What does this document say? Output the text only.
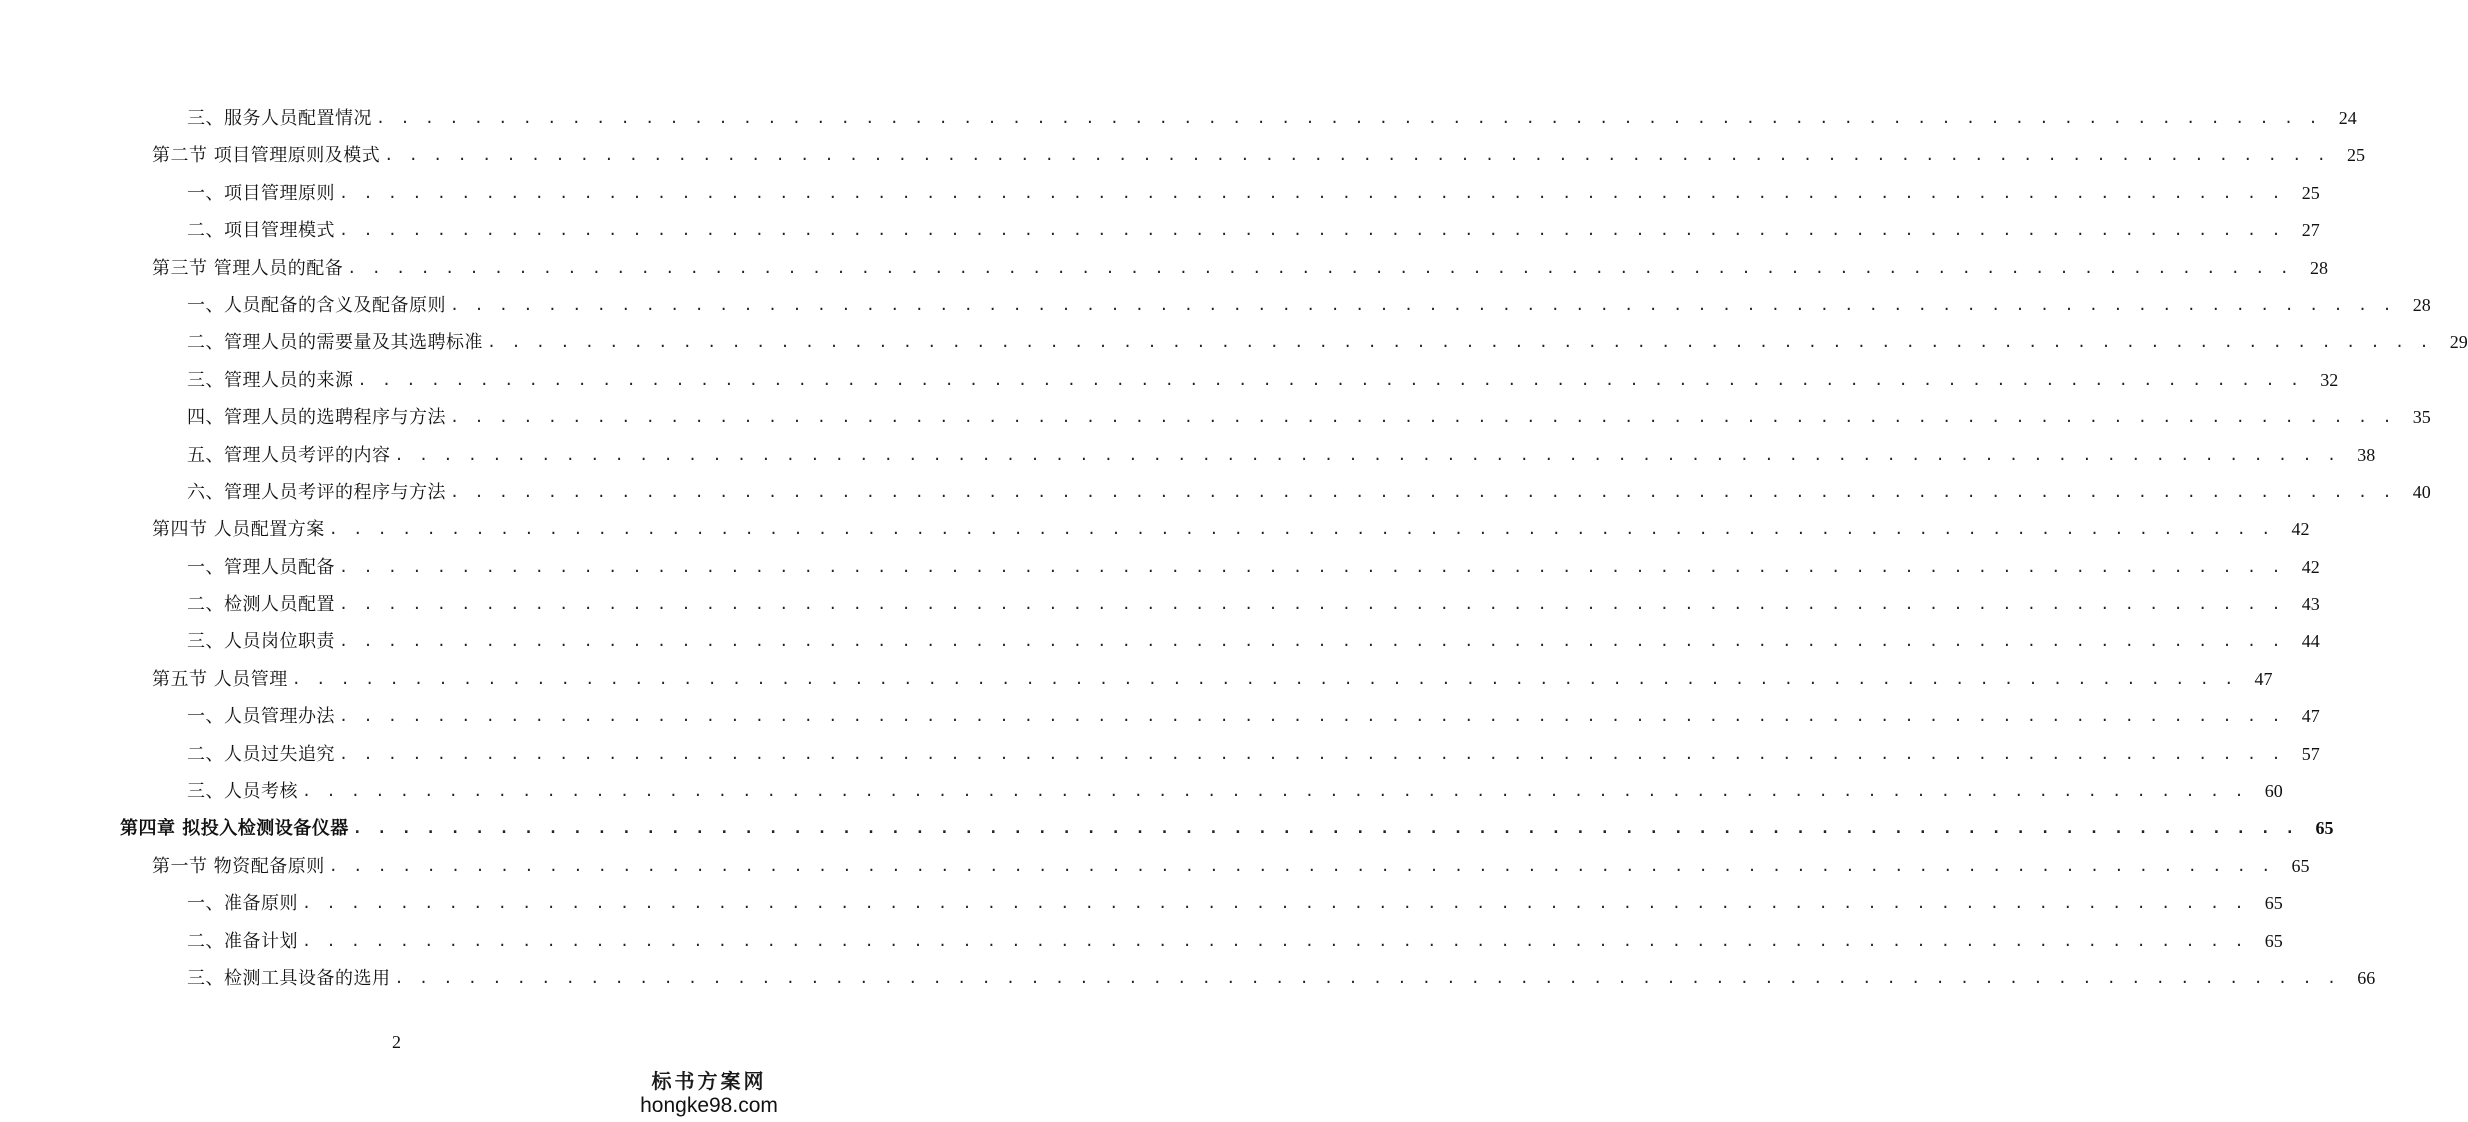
三、服务人员配置情况 . . . . . . . . . . . . . . . . . . . . . . . . . . . . . . . . . . . . . . . . . . . . . . . . . . . . . . . . . . . . . . . . . . . . . . . . . . . . . . . .	24
第二节 项目管理原则及模式 . . . . . . . . . . . . . . . . . . . . . . . . . . . . . . . . . . . . . . . . . . . . . . . . . . . . . . . . . . . . . . . . . . . . . . . . . . . . . . . .	25
一、项目管理原则 . . . . . . . . . . . . . . . . . . . . . . . . . . . . . . . . . . . . . . . . . . . . . . . . . . . . . . . . . . . . . . . . . . . . . . . . . . . . . . . .	25
二、项目管理模式 . . . . . . . . . . . . . . . . . . . . . . . . . . . . . . . . . . . . . . . . . . . . . . . . . . . . . . . . . . . . . . . . . . . . . . . . . . . . . . . .	27
第三节 管理人员的配备 . . . . . . . . . . . . . . . . . . . . . . . . . . . . . . . . . . . . . . . . . . . . . . . . . . . . . . . . . . . . . . . . . . . . . . . . . . . . . . . .	28
一、人员配备的含义及配备原则 . . . . . . . . . . . . . . . . . . . . . . . . . . . . . . . . . . . . . . . . . . . . . . . . . . . . . . . . . . . . . . . . . . . . . . . . . . . . . . . .	28
二、管理人员的需要量及其选聘标准 . . . . . . . . . . . . . . . . . . . . . . . . . . . . . . . . . . . . . . . . . . . . . . . . . . . . . . . . . . . . . . . . . . . . . . . . . . . . . . . .	29
三、管理人员的来源 . . . . . . . . . . . . . . . . . . . . . . . . . . . . . . . . . . . . . . . . . . . . . . . . . . . . . . . . . . . . . . . . . . . . . . . . . . . . . . . .	32
四、管理人员的选聘程序与方法 . . . . . . . . . . . . . . . . . . . . . . . . . . . . . . . . . . . . . . . . . . . . . . . . . . . . . . . . . . . . . . . . . . . . . . . . . . . . . . . .	35
五、管理人员考评的内容 . . . . . . . . . . . . . . . . . . . . . . . . . . . . . . . . . . . . . . . . . . . . . . . . . . . . . . . . . . . . . . . . . . . . . . . . . . . . . . . .	38
六、管理人员考评的程序与方法 . . . . . . . . . . . . . . . . . . . . . . . . . . . . . . . . . . . . . . . . . . . . . . . . . . . . . . . . . . . . . . . . . . . . . . . . . . . . . . . .	40
第四节 人员配置方案 . . . . . . . . . . . . . . . . . . . . . . . . . . . . . . . . . . . . . . . . . . . . . . . . . . . . . . . . . . . . . . . . . . . . . . . . . . . . . . . .	42
一、管理人员配备 . . . . . . . . . . . . . . . . . . . . . . . . . . . . . . . . . . . . . . . . . . . . . . . . . . . . . . . . . . . . . . . . . . . . . . . . . . . . . . . .	42
二、检测人员配置 . . . . . . . . . . . . . . . . . . . . . . . . . . . . . . . . . . . . . . . . . . . . . . . . . . . . . . . . . . . . . . . . . . . . . . . . . . . . . . . .	43
三、人员岗位职责 . . . . . . . . . . . . . . . . . . . . . . . . . . . . . . . . . . . . . . . . . . . . . . . . . . . . . . . . . . . . . . . . . . . . . . . . . . . . . . . .	44
第五节 人员管理 . . . . . . . . . . . . . . . . . . . . . . . . . . . . . . . . . . . . . . . . . . . . . . . . . . . . . . . . . . . . . . . . . . . . . . . . . . . . . . . .	47
一、人员管理办法 . . . . . . . . . . . . . . . . . . . . . . . . . . . . . . . . . . . . . . . . . . . . . . . . . . . . . . . . . . . . . . . . . . . . . . . . . . . . . . . .	47
二、人员过失追究 . . . . . . . . . . . . . . . . . . . . . . . . . . . . . . . . . . . . . . . . . . . . . . . . . . . . . . . . . . . . . . . . . . . . . . . . . . . . . . . .	57
三、人员考核 . . . . . . . . . . . . . . . . . . . . . . . . . . . . . . . . . . . . . . . . . . . . . . . . . . . . . . . . . . . . . . . . . . . . . . . . . . . . . . . .	60
第四章 拟投入检测设备仪器 . . . . . . . . . . . . . . . . . . . . . . . . . . . . . . . . . . . . . . . . . . . . . . . . . . . . . . . . . . . . . . . . . . . . . . . . . . . . . . . .	65
第一节 物资配备原则 . . . . . . . . . . . . . . . . . . . . . . . . . . . . . . . . . . . . . . . . . . . . . . . . . . . . . . . . . . . . . . . . . . . . . . . . . . . . . . . .	65
一、准备原则 . . . . . . . . . . . . . . . . . . . . . . . . . . . . . . . . . . . . . . . . . . . . . . . . . . . . . . . . . . . . . . . . . . . . . . . . . . . . . . . .	65
二、准备计划 . . . . . . . . . . . . . . . . . . . . . . . . . . . . . . . . . . . . . . . . . . . . . . . . . . . . . . . . . . . . . . . . . . . . . . . . . . . . . . . .	65
三、检测工具设备的选用 . . . . . . . . . . . . . . . . . . . . . . . . . . . . . . . . . . . . . . . . . . . . . . . . . . . . . . . . . . . . . . . . . . . . . . . . . . . . . . . .	66
2
标书方案网
hongke98.com
